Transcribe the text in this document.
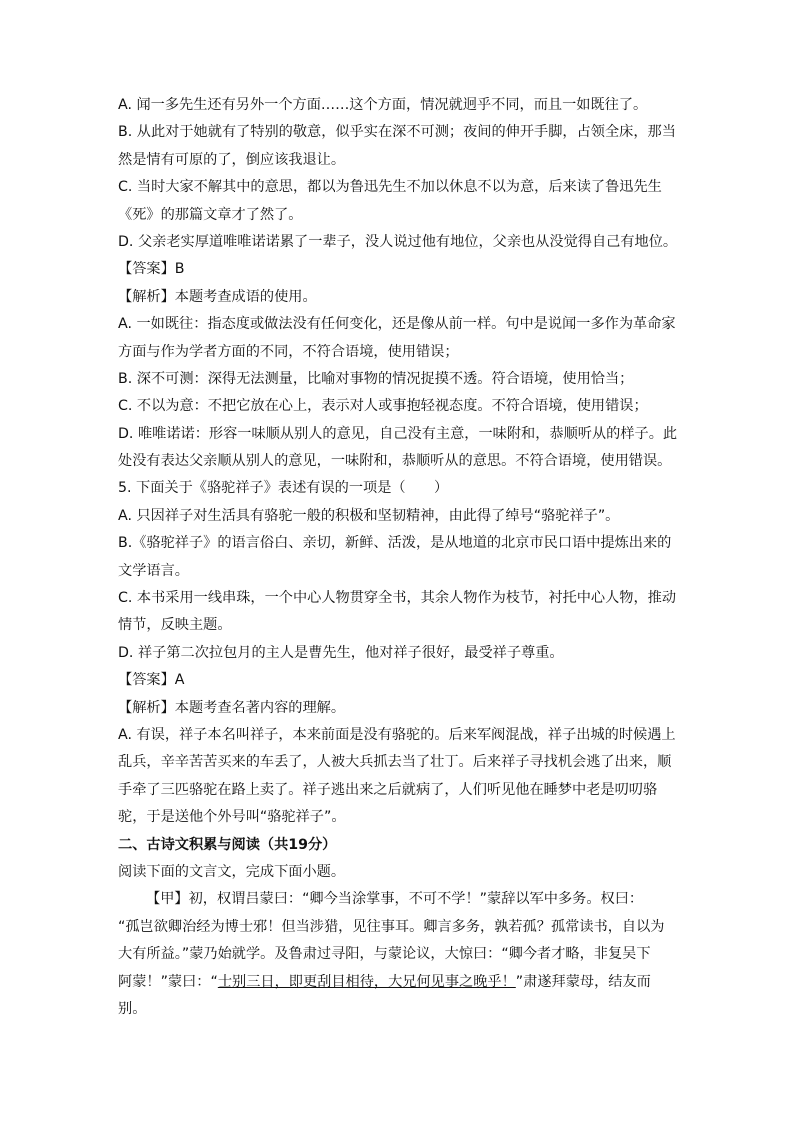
A. 闻一多先生还有另外一个方面……这个方面，情况就迥乎不同，而且一如既往了。
B. 从此对于她就有了特别的敬意，似乎实在深不可测；夜间的伸开手脚，占领全床，那当
然是情有可原的了，倒应该我退让。
C. 当时大家不解其中的意思，都以为鲁迅先生不加以休息不以为意，后来读了鲁迅先生
《死》的那篇文章才了然了。
D. 父亲老实厚道唯唯诺诺累了一辈子，没人说过他有地位，父亲也从没觉得自己有地位。
【答案】B
【解析】本题考查成语的使用。
A. 一如既往：指态度或做法没有任何变化，还是像从前一样。句中是说闻一多作为革命家
方面与作为学者方面的不同，不符合语境，使用错误；
B. 深不可测：深得无法测量，比喻对事物的情况捉摸不透。符合语境，使用恰当；
C. 不以为意：不把它放在心上，表示对人或事抱轻视态度。不符合语境，使用错误；
D. 唯唯诺诺：形容一味顺从别人的意见，自己没有主意，一味附和，恭顺听从的样子。此
处没有表达父亲顺从别人的意见，一味附和，恭顺听从的意思。不符合语境，使用错误。
5. 下面关于《骆驼祥子》表述有误的一项是（　　）
A. 只因祥子对生活具有骆驼一般的积极和坚韧精神，由此得了绰号“骆驼祥子”。
B.《骆驼祥子》的语言俗白、亲切，新鲜、活泼，是从地道的北京市民口语中提炼出来的
文学语言。
C. 本书采用一线串珠，一个中心人物贯穿全书，其余人物作为枝节，衬托中心人物，推动
情节，反映主题。
D. 祥子第二次拉包月的主人是曹先生，他对祥子很好，最受祥子尊重。
【答案】A
【解析】本题考查名著内容的理解。
A. 有误，祥子本名叫祥子，本来前面是没有骆驼的。后来军阀混战，祥子出城的时候遇上
乱兵，辛辛苦苦买来的车丢了，人被大兵抓去当了壮丁。后来祥子寻找机会逃了出来，顺
手牵了三匹骆驼在路上卖了。祥子逃出来之后就病了，人们听见他在睡梦中老是叨叨骆
驼，于是送他个外号叫“骆驼祥子”。
二、古诗文积累与阅读（共19分）
阅读下面的文言文，完成下面小题。
【甲】初，权谓吕蒙曰：“卿今当涂掌事，不可不学！”蒙辞以军中多务。权曰：
“孤岂欲卿治经为博士邪！但当涉猎，见往事耳。卿言多务，孰若孤？孤常读书，自以为
大有所益。”蒙乃始就学。及鲁肃过寻阳，与蒙论议，大惊曰：“卿今者才略，非复吴下
阿蒙！”蒙曰：“士别三日，即更刮目相待，大兄何见事之晚乎！”肃遂拜蒙母，结友而
别。
